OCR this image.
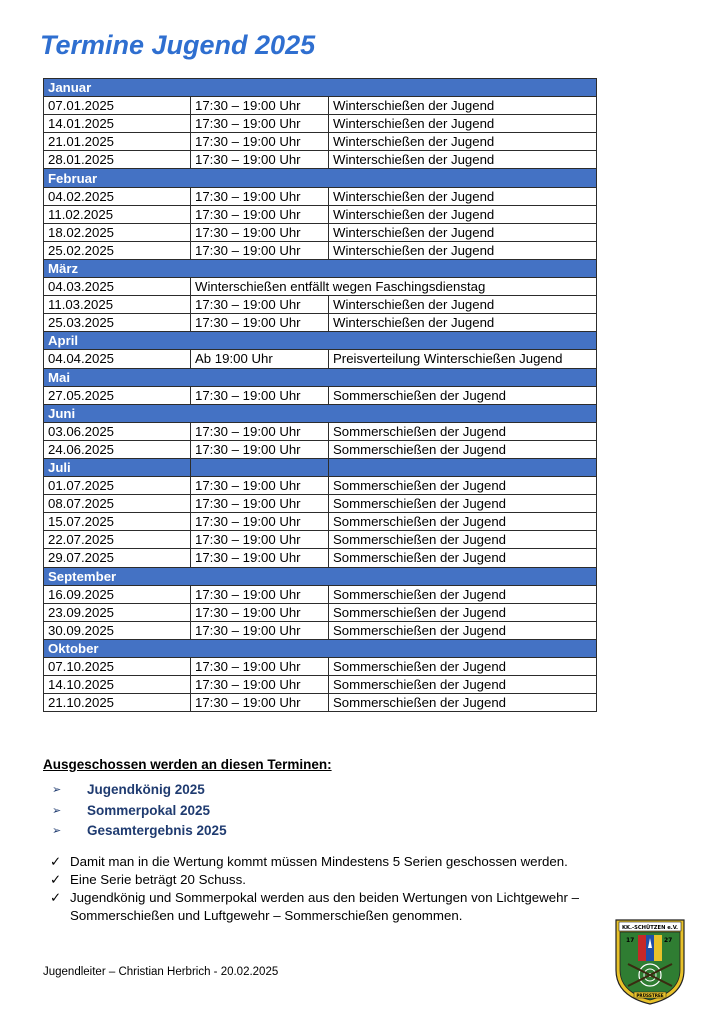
Termine Jugend 2025
Januar		
07.01.2025	17:30 – 19:00 Uhr	Winterschießen der Jugend
14.01.2025	17:30 – 19:00 Uhr	Winterschießen der Jugend
21.01.2025	17:30 – 19:00 Uhr	Winterschießen der Jugend
28.01.2025	17:30 – 19:00 Uhr	Winterschießen der Jugend
Februar		
04.02.2025	17:30 – 19:00 Uhr	Winterschießen der Jugend
11.02.2025	17:30 – 19:00 Uhr	Winterschießen der Jugend
18.02.2025	17:30 – 19:00 Uhr	Winterschießen der Jugend
25.02.2025	17:30 – 19:00 Uhr	Winterschießen der Jugend
März		
04.03.2025	Winterschießen entfällt wegen Faschingsdienstag	
11.03.2025	17:30 – 19:00 Uhr	Winterschießen der Jugend
25.03.2025	17:30 – 19:00 Uhr	Winterschießen der Jugend
April		
04.04.2025	Ab 19:00 Uhr	Preisverteilung Winterschießen Jugend
Mai		
27.05.2025	17:30 – 19:00 Uhr	Sommerschießen der Jugend
Juni		
03.06.2025	17:30 – 19:00 Uhr	Sommerschießen der Jugend
24.06.2025	17:30 – 19:00 Uhr	Sommerschießen der Jugend
Juli		
01.07.2025	17:30 – 19:00 Uhr	Sommerschießen der Jugend
08.07.2025	17:30 – 19:00 Uhr	Sommerschießen der Jugend
15.07.2025	17:30 – 19:00 Uhr	Sommerschießen der Jugend
22.07.2025	17:30 – 19:00 Uhr	Sommerschießen der Jugend
29.07.2025	17:30 – 19:00 Uhr	Sommerschießen der Jugend
September		
16.09.2025	17:30 – 19:00 Uhr	Sommerschießen der Jugend
23.09.2025	17:30 – 19:00 Uhr	Sommerschießen der Jugend
30.09.2025	17:30 – 19:00 Uhr	Sommerschießen der Jugend
Oktober		
07.10.2025	17:30 – 19:00 Uhr	Sommerschießen der Jugend
14.10.2025	17:30 – 19:00 Uhr	Sommerschießen der Jugend
21.10.2025	17:30 – 19:00 Uhr	Sommerschießen der Jugend
Ausgeschossen werden an diesen Terminen:
➢	Jugendkönig 2025
➢	Sommerpokal 2025
➢	Gesamtergebnis 2025
✓ Damit man in die Wertung kommt müssen Mindestens 5 Serien geschossen werden.
✓ Eine Serie beträgt 20 Schuss.
✓ Jugendkönig und Sommerpokal werden aus den beiden Wertungen von Lichtgewehr – Sommerschießen und Luftgewehr – Sommerschießen genommen.
Jugendleiter – Christian Herbrich - 20.02.2025
KK.-SCHÜTZEN e.V.
17	27
PRÜSSTREE
